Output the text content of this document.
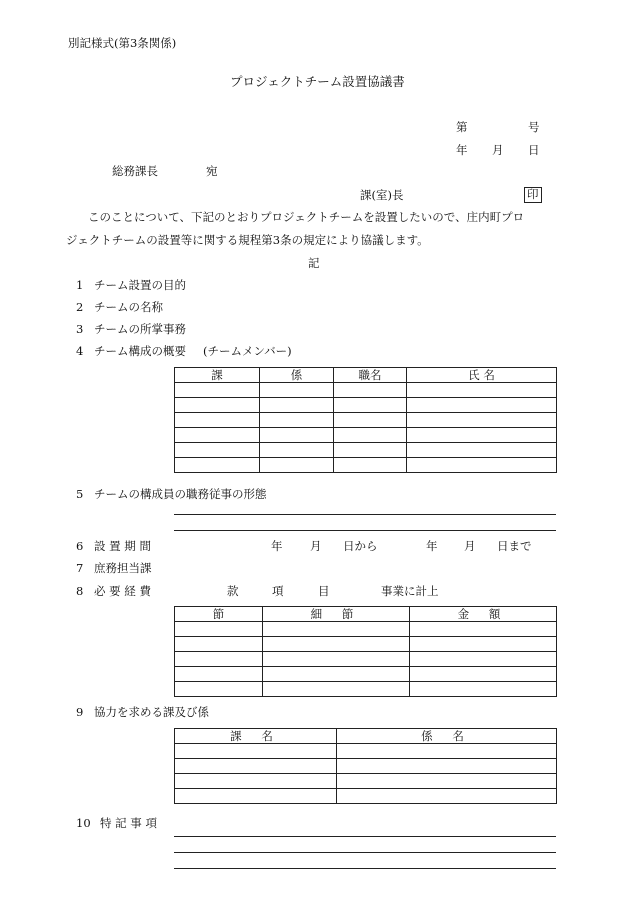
別記様式(第3条関係)
プロジェクトチーム設置協議書
第	号
年 月 日
総務課長	宛
課(室)長	印
このことについて、下記のとおりプロジェクトチームを設置したいので、庄内町プロ
ジェクトチームの設置等に関する規程第3条の規定により協議します。
記
1 チーム設置の目的
2 チームの名称
3 チームの所掌事務
4 チーム構成の概要 (チームメンバー)
課	係	職名	氏 名

5 チームの構成員の職務従事の形態
6 設 置 期 間	年 月 日から	年 月 日まで
7 庶務担当課
8 必 要 経 費	款	項	目	事業に計上
節	細 節	金 額

9 協力を求める課及び係
課 名	係 名

10 特 記 事 項
